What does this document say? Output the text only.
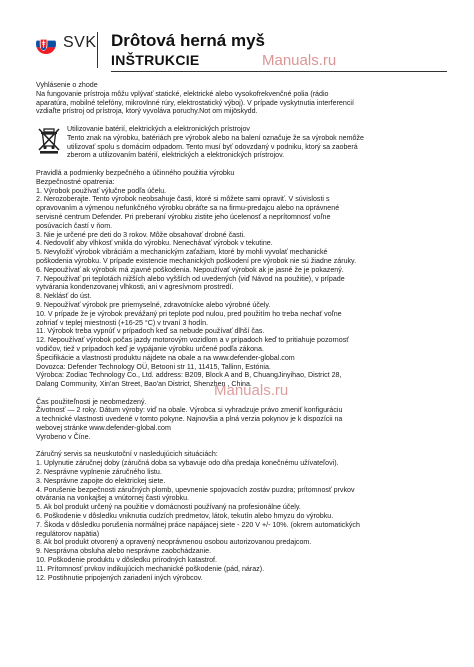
SVK Drôtová herná myš
INŠTRUKCIE	Manuals.ru
Vyhlásenie o zhode
Na fungovanie prístroja môžu vplývať statické, elektrické alebo vysokofrekvenčné polia (rádio
aparatúra, mobilné telefóny, mikrovlnné rúry, elektrostatický výboj). V prípade vyskytnutia interferencií
vzdiaľte prístroj od prístroja, ktorý vyvoláva poruchy.Not om mijöskydd.
Utilizovanie batérií, elektrických a elektronických prístrojov
Tento znak na výrobku, batériách pre výrobok alebo na balení označuje že sa výrobok nemôže
utilizovať spolu s domácim odpadom. Tento musí byť odovzdaný v podniku, ktorý sa zaoberá
zberom a utilizovaním batérií, elektrických a elektronických prístrojov.
Pravidlá a podmienky bezpečného a účinného použitia výrobku
Bezpečnostné opatrenia:
1. Výrobok používať výlučne podľa účelu.
2. Nerozoberajte. Tento výrobok neobsahuje časti, ktoré si môžete sami opraviť. V súvislosti s
opravovaním a výmenou nefunkčného výrobku obráťte sa na firmu-predajcu alebo na oprávnené
servisné centrum Defender. Pri preberaní výrobku zistite jeho úcelenosť a neprítomnosť voľne
posúvacích častí v ňom.
3. Nie je určené pre deti do 3 rokov. Môže obsahovať drobné časti.
4. Nedovoliť aby vlhkosť vnikla do výrobku. Nenechávať výrobok v tekutine.
5. Nevyložiť výrobok vibráciám a mechanickým zaťažiam, ktoré by mohli vyvolať mechanické
poškodenia výrobku. V prípade existencie mechanických poškodení pre výrobok nie sú žiadne záruky.
6. Nepoužívať ak výrobok má zjavné poškodenia. Nepoužívať výrobok ak je jasné že je pokazený.
7. Nepoužívať pri teplotách nižších alebo vyšších od uvedených (viď Návod na použitie), v prípade
vytvárania kondenzovanej vlhkosti, ani v agresívnom prostredí.
8. Neklásť do úst.
9. Nepoužívať výrobok pre priemyselné, zdravotnícke alebo výrobné účely.
10. V prípade že je výrobok prevážaný pri teplote pod nulou, pred použitím ho treba nechať voľne
zohriať v teplej miestnosti (+16-25 °C) v trvaní 3 hodín.
11. Výrobok treba vypnúť v prípadoch keď sa nebude používať dlhší čas.
12. Nepoužívať výrobok počas jazdy motorovým vozidlom a v prípadoch keď to pritiahuje pozornosť
vodičov, tiež v prípadoch keď je vypájanie výrobku určené podľa zákona.
Špecifikácie a vlastnosti produktu nájdete na obale a na www.defender-global.com
Dovozca: Defender Technology OÜ, Betooni str 11, 11415, Tallinn, Estónia.
Výrobca: Zodiac Technology Co., Ltd. address: B209, Block A and B, ChuangJinyihao, District 28,
Dalang Community, Xin'an Street, Bao'an District, Shenzhen , China.
Čas použiteľnosti je neobmedzený.
Životnosť — 2 roky. Dátum výroby: viď na obale. Výrobca si vyhradzuje právo zmeniť konfiguráciu
a technické vlastnosti uvedené v tomto pokyne. Najnovšia a plná verzia pokynov je k dispozícii na
webovej stránke www.defender-global.com
Vyrobeno v Číne.
Záručný servis sa neuskutoční v nasledujúcich situáciách:
1. Uplynutie záručnej doby (záručná doba sa vybavuje odo dňa predaja konečnému užívateľovi).
2. Nesprávne vyplnenie záručného listu.
3. Nesprávne zapojte do elektrickej siete.
4. Porušenie bezpečnosti záručných plomb, upevnenie spojovacích zostáv puzdra; prítomnosť prvkov
otvárania na vonkajšej a vnútornej časti výrobku.
5. Ak bol produkt určený na použitie v domácnosti používaný na profesionálne účely.
6. Poškodenie v dôsledku vniknutia cudzích predmetov, látok, tekutín alebo hmyzu do výrobku.
7. Škoda v dôsledku porušenia normálnej práce napájacej siete - 220 V +/- 10%. (okrem automatických
regulátorov napätia)
8. Ak bol produkt otvorený a opravený neoprávnenou osobou autorizovanou predajcom.
9. Nesprávna obsluha alebo nesprávne zaobchádzanie.
10. Poškodenie produktu v dôsledku prírodných katastrof.
11. Prítomnosť prvkov indikujúcich mechanické poškodenie (pád, náraz).
12. Postihnutie pripojených zariadení iných výrobcov.
Manuals.ru
